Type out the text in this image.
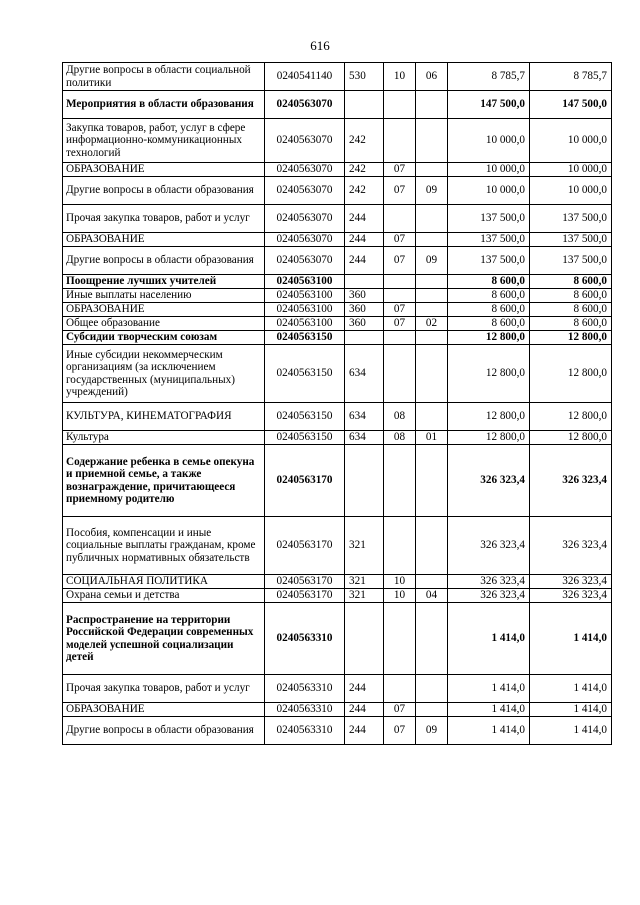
616
Другие вопросы в области социальной политики	0240541140	530	10	06	8 785,7	8 785,7
Мероприятия в области образования	0240563070				147 500,0	147 500,0
Закупка товаров, работ, услуг в сфере информационно-коммуникационных технологий	0240563070	242			10 000,0	10 000,0
ОБРАЗОВАНИЕ	0240563070	242	07		10 000,0	10 000,0
Другие вопросы в области образования	0240563070	242	07	09	10 000,0	10 000,0
Прочая закупка товаров, работ и услуг	0240563070	244			137 500,0	137 500,0
ОБРАЗОВАНИЕ	0240563070	244	07		137 500,0	137 500,0
Другие вопросы в области образования	0240563070	244	07	09	137 500,0	137 500,0
Поощрение лучших учителей	0240563100				8 600,0	8 600,0
Иные выплаты населению	0240563100	360			8 600,0	8 600,0
ОБРАЗОВАНИЕ	0240563100	360	07		8 600,0	8 600,0
Общее образование	0240563100	360	07	02	8 600,0	8 600,0
Субсидии творческим союзам	0240563150				12 800,0	12 800,0
Иные субсидии некоммерческим организациям (за исключением государственных (муниципальных) учреждений)	0240563150	634			12 800,0	12 800,0
КУЛЬТУРА, КИНЕМАТОГРАФИЯ	0240563150	634	08		12 800,0	12 800,0
Культура	0240563150	634	08	01	12 800,0	12 800,0
Содержание ребенка в семье опекуна и приемной семье, а также вознаграждение, причитающееся приемному родителю	0240563170				326 323,4	326 323,4
Пособия, компенсации и иные социальные выплаты гражданам, кроме публичных нормативных обязательств	0240563170	321			326 323,4	326 323,4
СОЦИАЛЬНАЯ ПОЛИТИКА	0240563170	321	10		326 323,4	326 323,4
Охрана семьи и детства	0240563170	321	10	04	326 323,4	326 323,4
Распространение на территории Российской Федерации современных моделей успешной социализации детей	0240563310				1 414,0	1 414,0
Прочая закупка товаров, работ и услуг	0240563310	244			1 414,0	1 414,0
ОБРАЗОВАНИЕ	0240563310	244	07		1 414,0	1 414,0
Другие вопросы в области образования	0240563310	244	07	09	1 414,0	1 414,0
